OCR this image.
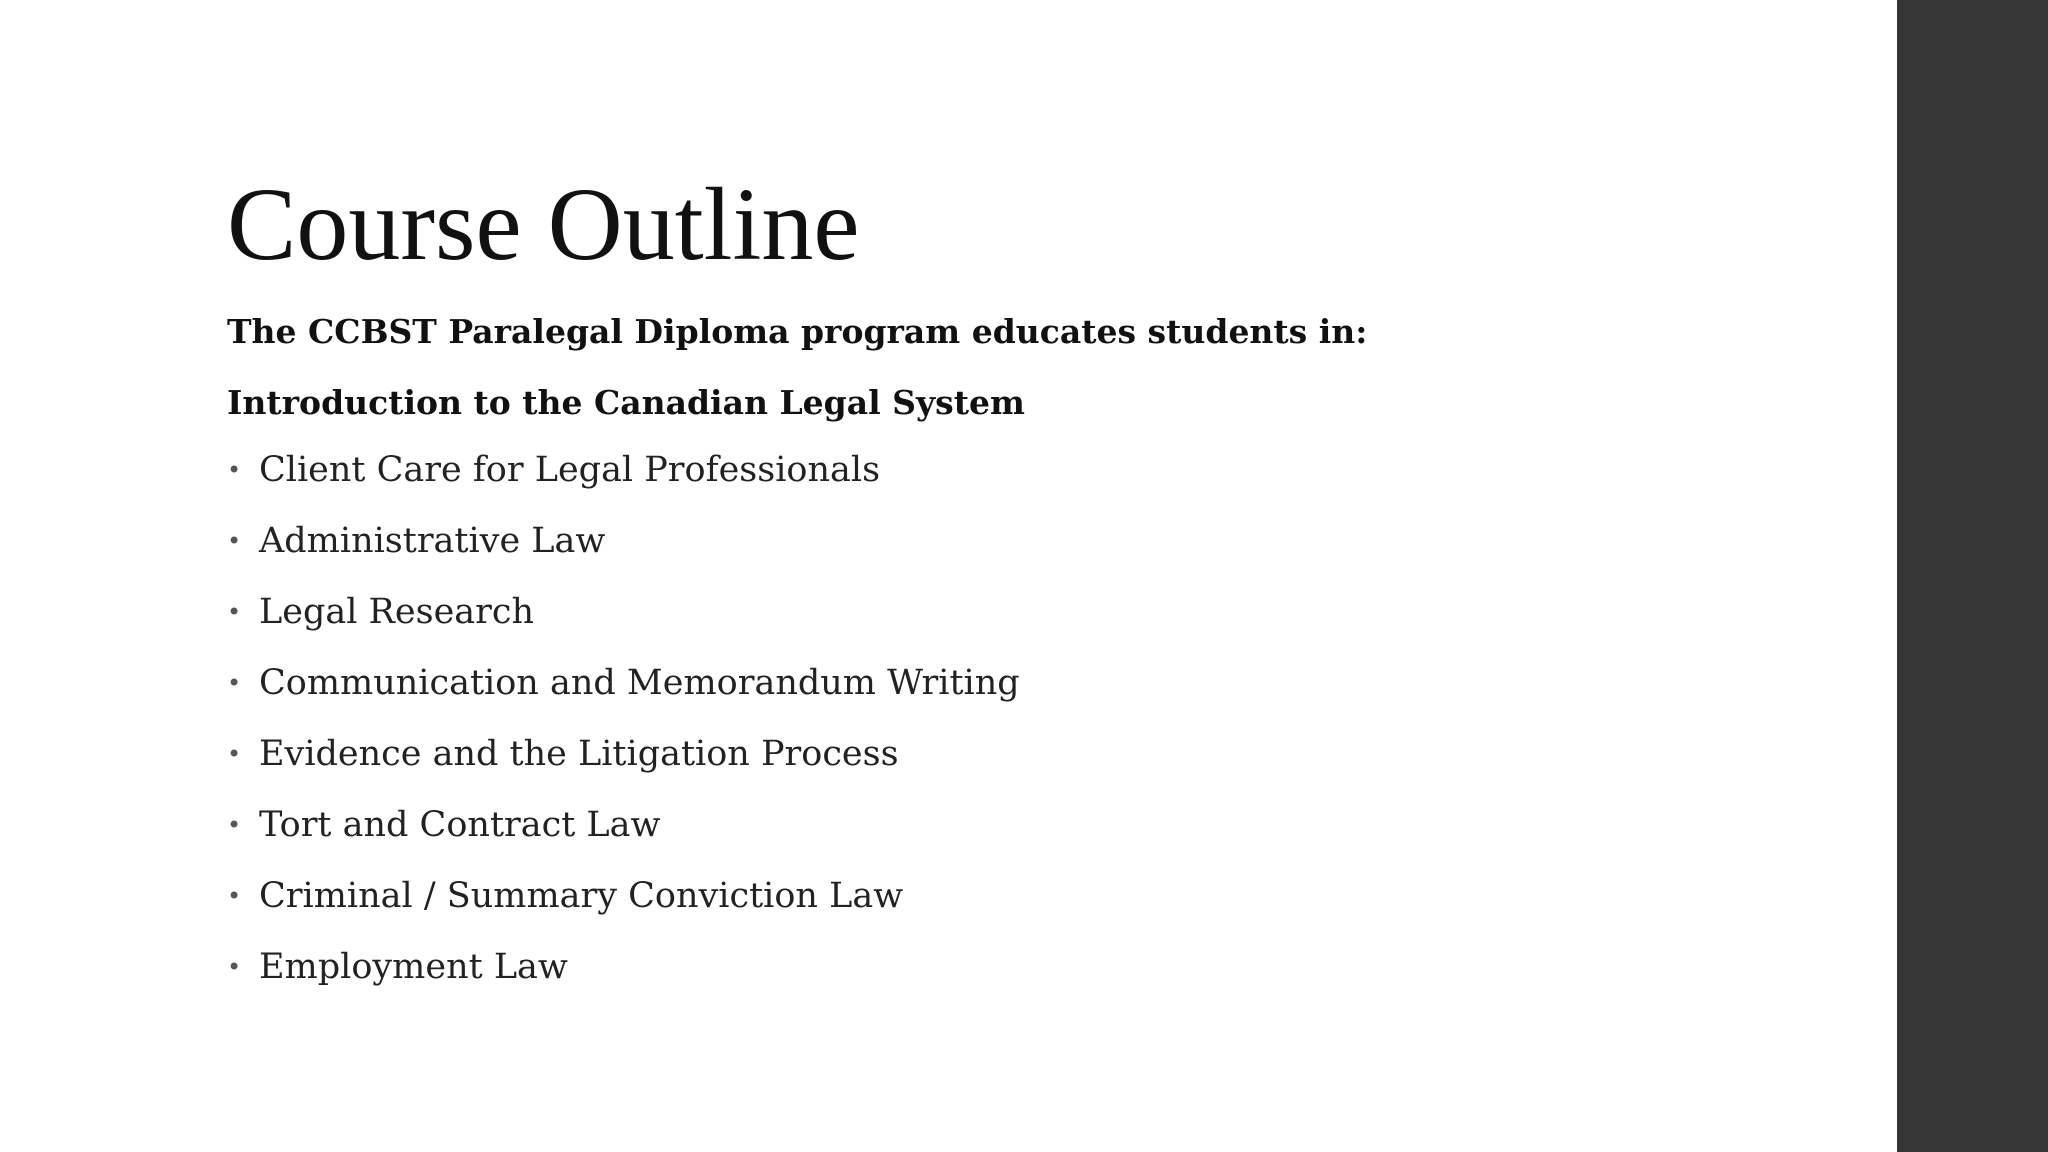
Course Outline

The CCBST Paralegal Diploma program educates students in:

Introduction to the Canadian Legal System

• Client Care for Legal Professionals
• Administrative Law
• Legal Research
• Communication and Memorandum Writing
• Evidence and the Litigation Process
• Tort and Contract Law
• Criminal / Summary Conviction Law
• Employment Law
